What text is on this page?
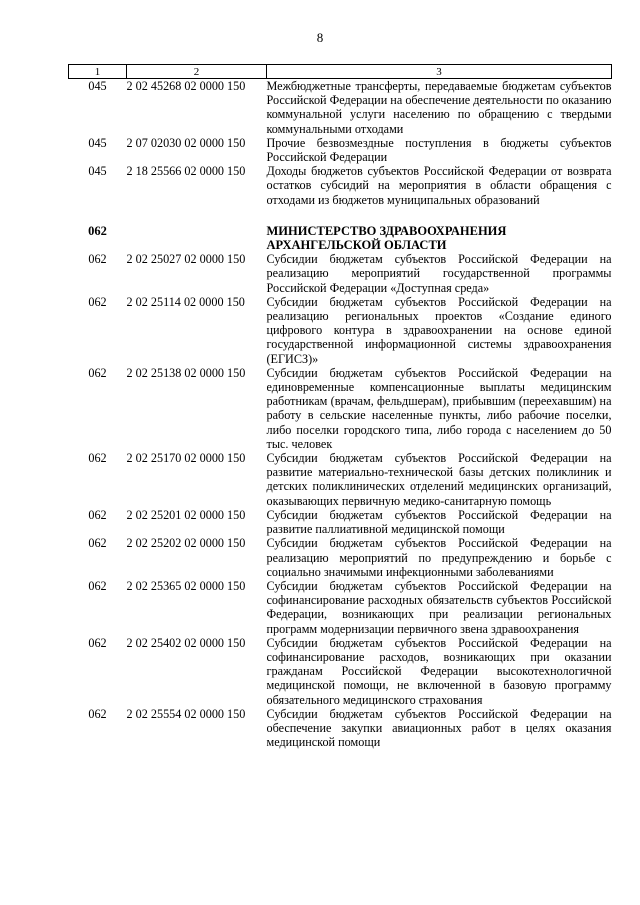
8
1	2	3
045	2 02 45268 02 0000 150	Межбюджетные трансферты, передаваемые бюджетам субъектов Российской Федерации на обеспечение деятельности по оказанию коммунальной услуги населению по обращению с твердыми коммунальными отходами
045	2 07 02030 02 0000 150	Прочие безвозмездные поступления в бюджеты субъектов Российской Федерации
045	2 18 25566 02 0000 150	Доходы бюджетов субъектов Российской Федерации от возврата остатков субсидий на мероприятия в области обращения с отходами из бюджетов муниципальных образований

062		МИНИСТЕРСТВО ЗДРАВООХРАНЕНИЯ АРХАНГЕЛЬСКОЙ ОБЛАСТИ
062	2 02 25027 02 0000 150	Субсидии бюджетам субъектов Российской Федерации на реализацию мероприятий государственной программы Российской Федерации «Доступная среда»
062	2 02 25114 02 0000 150	Субсидии бюджетам субъектов Российской Федерации на реализацию региональных проектов «Создание единого цифрового контура в здравоохранении на основе единой государственной информационной системы здравоохранения (ЕГИСЗ)»
062	2 02 25138 02 0000 150	Субсидии бюджетам субъектов Российской Федерации на единовременные компенсационные выплаты медицинским работникам (врачам, фельдшерам), прибывшим (переехавшим) на работу в сельские населенные пункты, либо рабочие поселки, либо поселки городского типа, либо города с населением до 50 тыс. человек
062	2 02 25170 02 0000 150	Субсидии бюджетам субъектов Российской Федерации на развитие материально-технической базы детских поликлиник и детских поликлинических отделений медицинских организаций, оказывающих первичную медико-санитарную помощь
062	2 02 25201 02 0000 150	Субсидии бюджетам субъектов Российской Федерации на развитие паллиативной медицинской помощи
062	2 02 25202 02 0000 150	Субсидии бюджетам субъектов Российской Федерации на реализацию мероприятий по предупреждению и борьбе с социально значимыми инфекционными заболеваниями
062	2 02 25365 02 0000 150	Субсидии бюджетам субъектов Российской Федерации на софинансирование расходных обязательств субъектов Российской Федерации, возникающих при реализации региональных программ модернизации первичного звена здравоохранения
062	2 02 25402 02 0000 150	Субсидии бюджетам субъектов Российской Федерации на софинансирование расходов, возникающих при оказании гражданам Российской Федерации высокотехнологичной медицинской помощи, не включенной в базовую программу обязательного медицинского страхования
062	2 02 25554 02 0000 150	Субсидии бюджетам субъектов Российской Федерации на обеспечение закупки авиационных работ в целях оказания медицинской помощи
